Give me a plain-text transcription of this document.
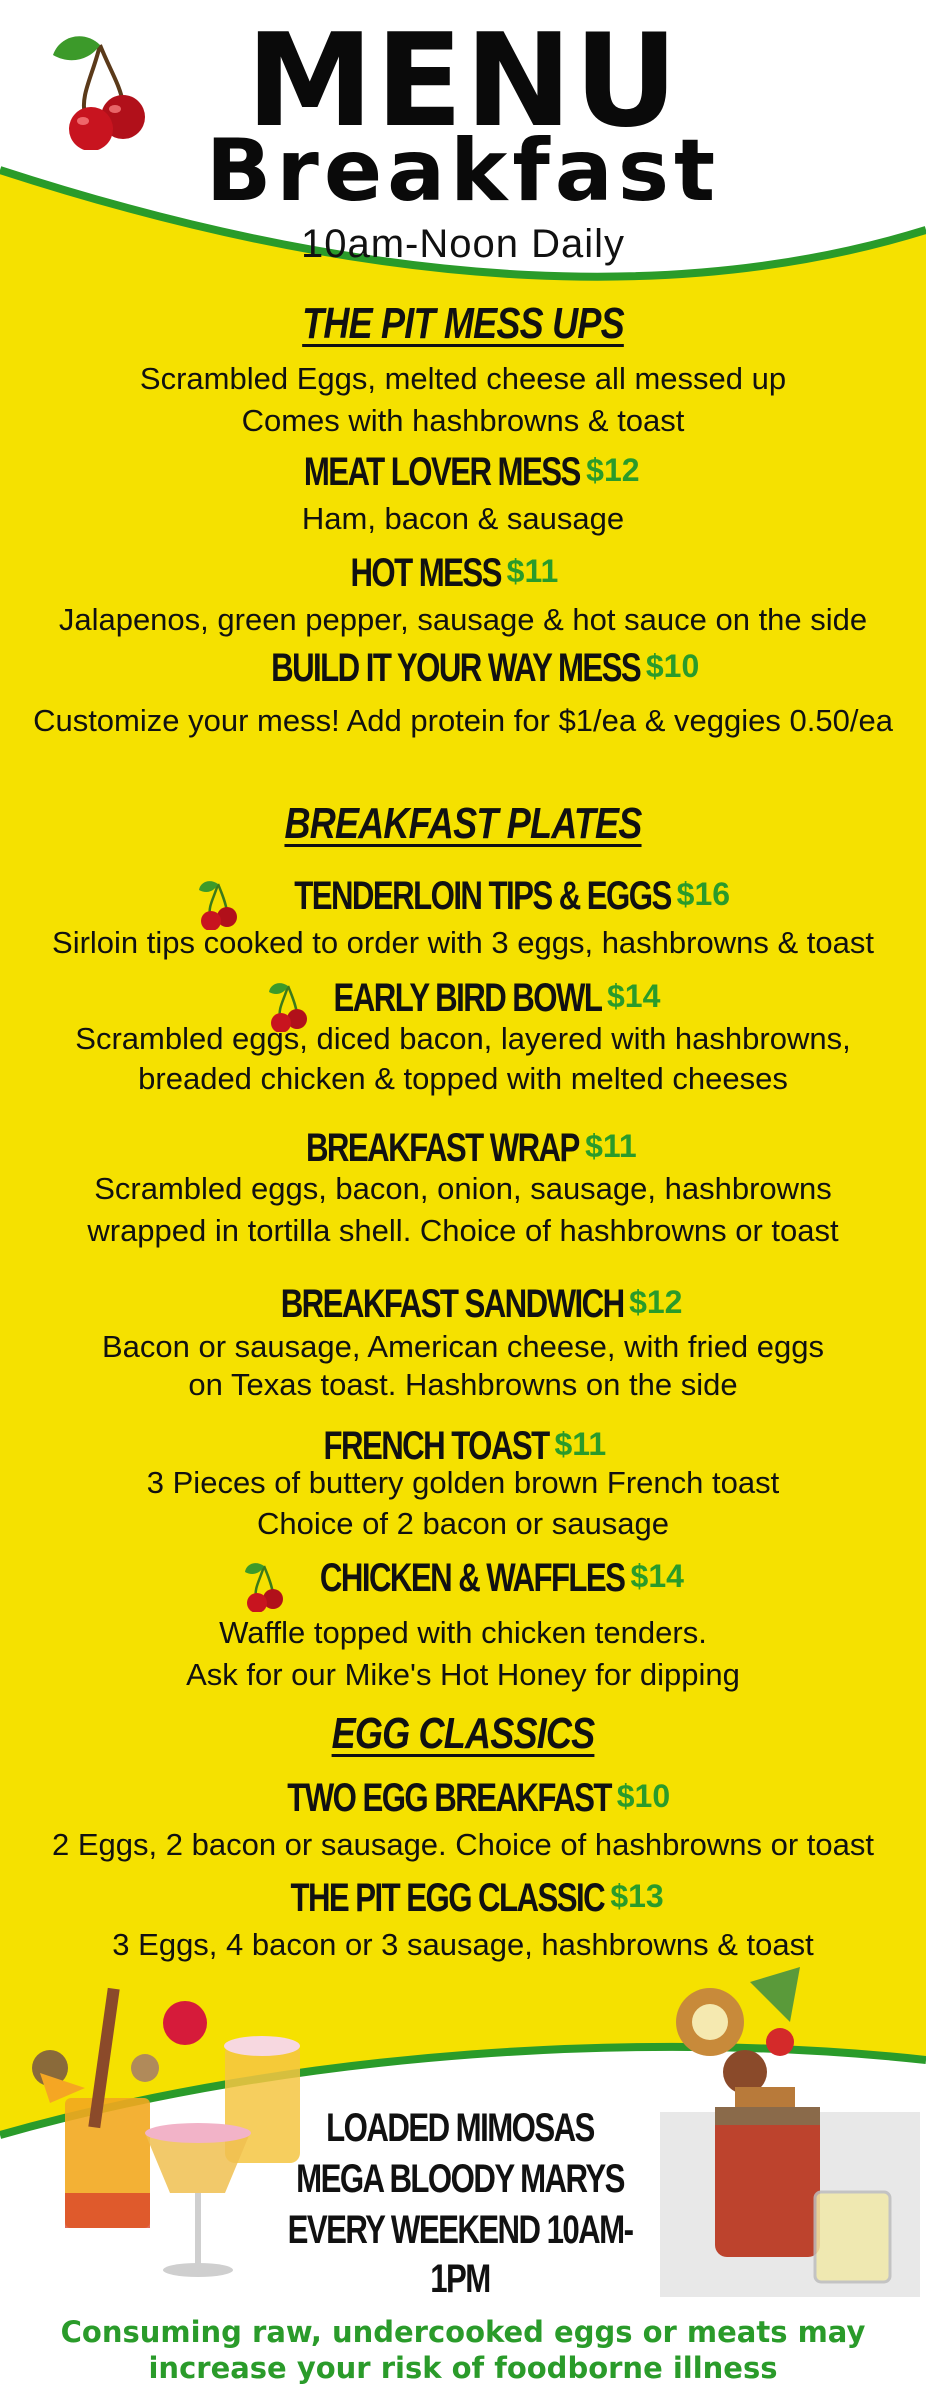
MENU
Breakfast
10am-Noon Daily
THE PIT MESS UPS
Scrambled Eggs, melted cheese all messed up
Comes with hashbrowns & toast
MEAT LOVER MESS $12
Ham, bacon & sausage
HOT MESS $11
Jalapenos, green pepper, sausage & hot sauce on the side
BUILD IT YOUR WAY MESS $10
Customize your mess! Add protein for $1/ea & veggies 0.50/ea
BREAKFAST PLATES
TENDERLOIN TIPS & EGGS $16
Sirloin tips cooked to order with 3 eggs, hashbrowns & toast
EARLY BIRD BOWL $14
Scrambled eggs, diced bacon, layered with hashbrowns,
breaded chicken & topped with melted cheeses
BREAKFAST WRAP $11
Scrambled eggs, bacon, onion, sausage, hashbrowns
wrapped in tortilla shell. Choice of hashbrowns or toast
BREAKFAST SANDWICH $12
Bacon or sausage, American cheese, with fried eggs
on Texas toast. Hashbrowns on the side
FRENCH TOAST $11
3 Pieces of buttery golden brown French toast
Choice of 2 bacon or sausage
CHICKEN & WAFFLES $14
Waffle topped with chicken tenders.
Ask for our Mike's Hot Honey for dipping
EGG CLASSICS
TWO EGG BREAKFAST $10
2 Eggs, 2 bacon or sausage. Choice of hashbrowns or toast
THE PIT EGG CLASSIC $13
3 Eggs, 4 bacon or 3 sausage, hashbrowns & toast
LOADED MIMOSAS
MEGA BLOODY MARYS
EVERY WEEKEND 10AM-1PM
Consuming raw, undercooked eggs or meats may
increase your risk of foodborne illness
